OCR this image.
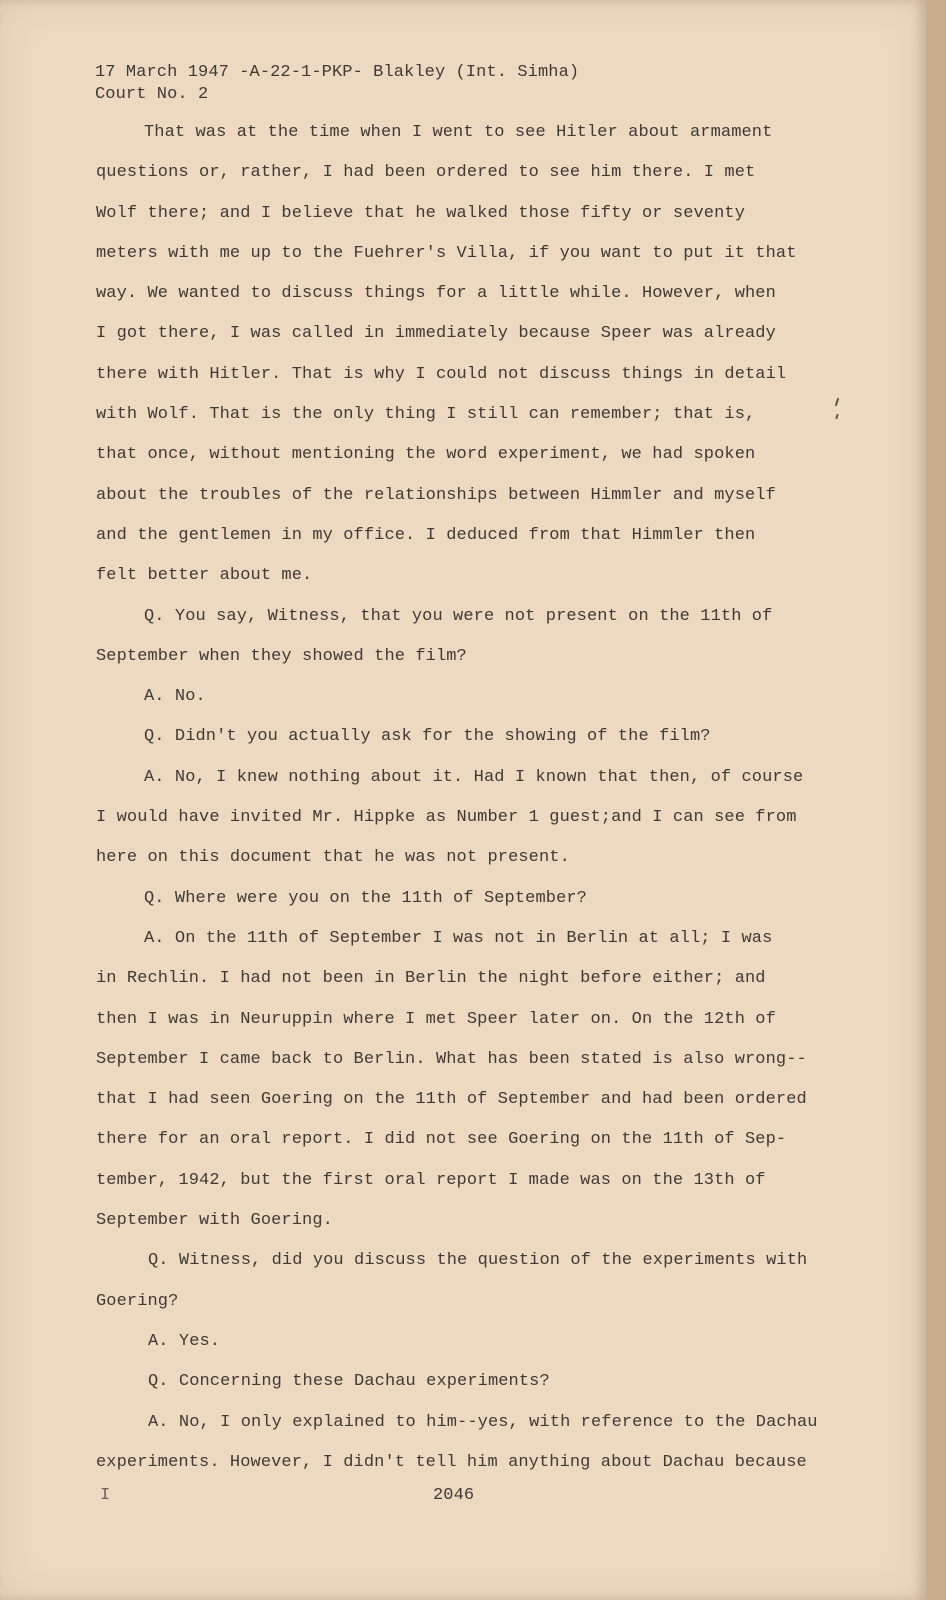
17 March 1947 -A-22-1-PKP- Blakley (Int. Simha)
Court No. 2
That was at the time when I went to see Hitler about armament
questions or, rather, I had been ordered to see him there. I met
Wolf there; and I believe that he walked those fifty or seventy
meters with me up to the Fuehrer's Villa, if you want to put it that
way. We wanted to discuss things for a little while. However, when
I got there, I was called in immediately because Speer was already
there with Hitler. That is why I could not discuss things in detail
with Wolf. That is the only thing I still can remember; that is,
that once, without mentioning the word experiment, we had spoken
about the troubles of the relationships between Himmler and myself
and the gentlemen in my office. I deduced from that Himmler then
felt better about me.
Q. You say, Witness, that you were not present on the 11th of
September when they showed the film?
A. No.
Q. Didn't you actually ask for the showing of the film?
A. No, I knew nothing about it. Had I known that then, of course
I would have invited Mr. Hippke as Number 1 guest;and I can see from
here on this document that he was not present.
Q. Where were you on the 11th of September?
A. On the 11th of September I was not in Berlin at all; I was
in Rechlin. I had not been in Berlin the night before either; and
then I was in Neuruppin where I met Speer later on. On the 12th of
September I came back to Berlin. What has been stated is also wrong--
that I had seen Goering on the 11th of September and had been ordered
there for an oral report. I did not see Goering on the 11th of Sep-
tember, 1942, but the first oral report I made was on the 13th of
September with Goering.
Q. Witness, did you discuss the question of the experiments with
Goering?
A. Yes.
Q. Concerning these Dachau experiments?
A. No, I only explained to him--yes, with reference to the Dachau
experiments. However, I didn't tell him anything about Dachau because
I	2046
